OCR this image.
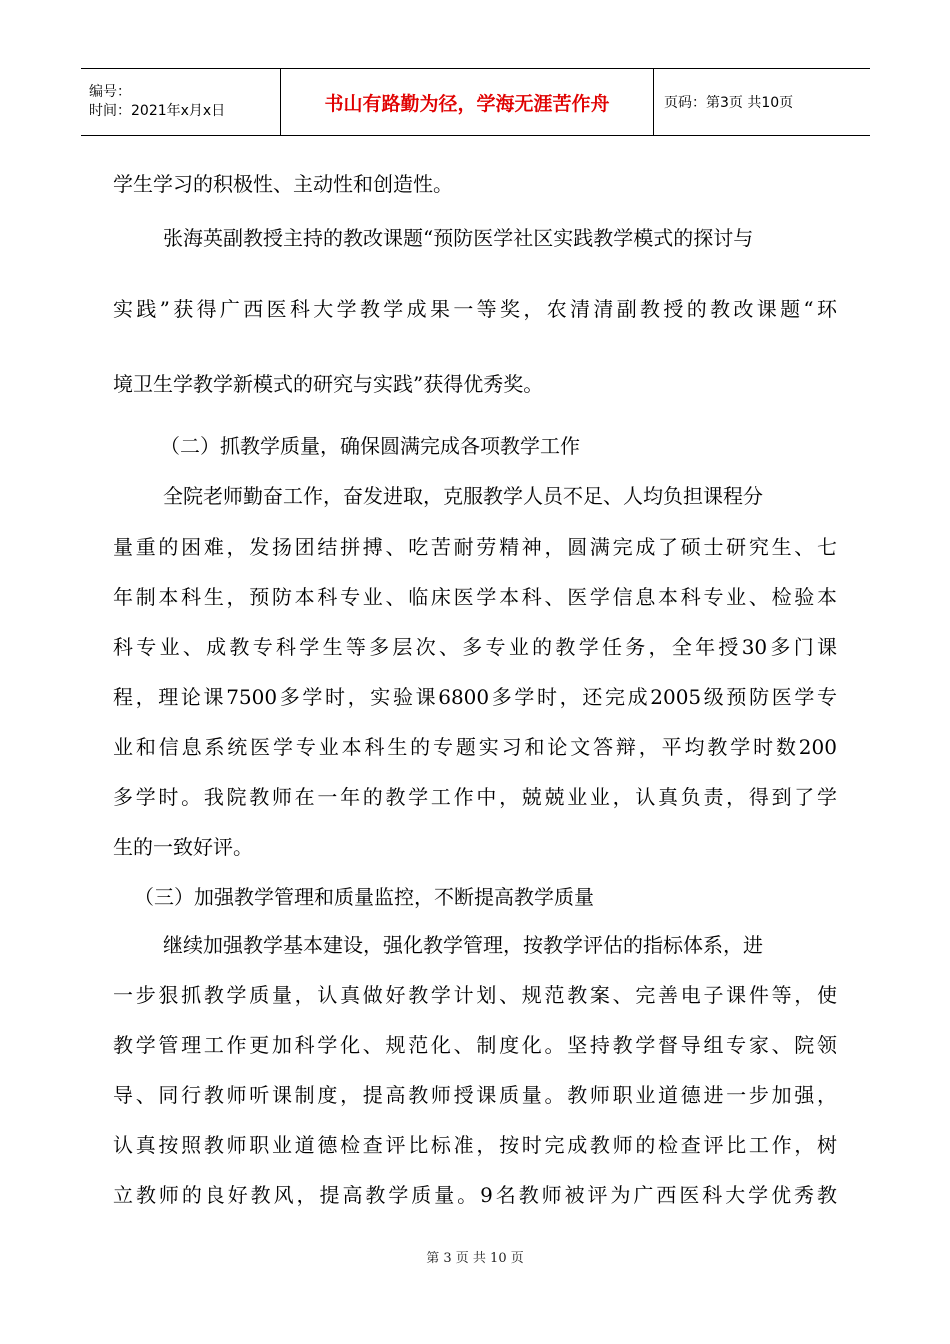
编号：
时间：2021年x月x日	书山有路勤为径，学海无涯苦作舟	页码：第3页 共10页
学生学习的积极性、主动性和创造性。
张海英副教授主持的教改课题“预防医学社区实践教学模式的探讨与
实践”获得广西医科大学教学成果一等奖，农清清副教授的教改课题“环
境卫生学教学新模式的研究与实践”获得优秀奖。
（二）抓教学质量，确保圆满完成各项教学工作
全院老师勤奋工作，奋发进取，克服教学人员不足、人均负担课程分
量重的困难，发扬团结拼搏、吃苦耐劳精神，圆满完成了硕士研究生、七
年制本科生，预防本科专业、临床医学本科、医学信息本科专业、检验本
科专业、成教专科学生等多层次、多专业的教学任务，全年授30多门课
程，理论课7500多学时，实验课6800多学时，还完成2005级预防医学专
业和信息系统医学专业本科生的专题实习和论文答辩，平均教学时数200
多学时。我院教师在一年的教学工作中，兢兢业业，认真负责，得到了学
生的一致好评。
（三）加强教学管理和质量监控，不断提高教学质量
继续加强教学基本建设，强化教学管理，按教学评估的指标体系，进
一步狠抓教学质量，认真做好教学计划、规范教案、完善电子课件等，使
教学管理工作更加科学化、规范化、制度化。坚持教学督导组专家、院领
导、同行教师听课制度，提高教师授课质量。教师职业道德进一步加强，
认真按照教师职业道德检查评比标准，按时完成教师的检查评比工作，树
立教师的良好教风，提高教学质量。9名教师被评为广西医科大学优秀教
第 3 页 共 10 页
